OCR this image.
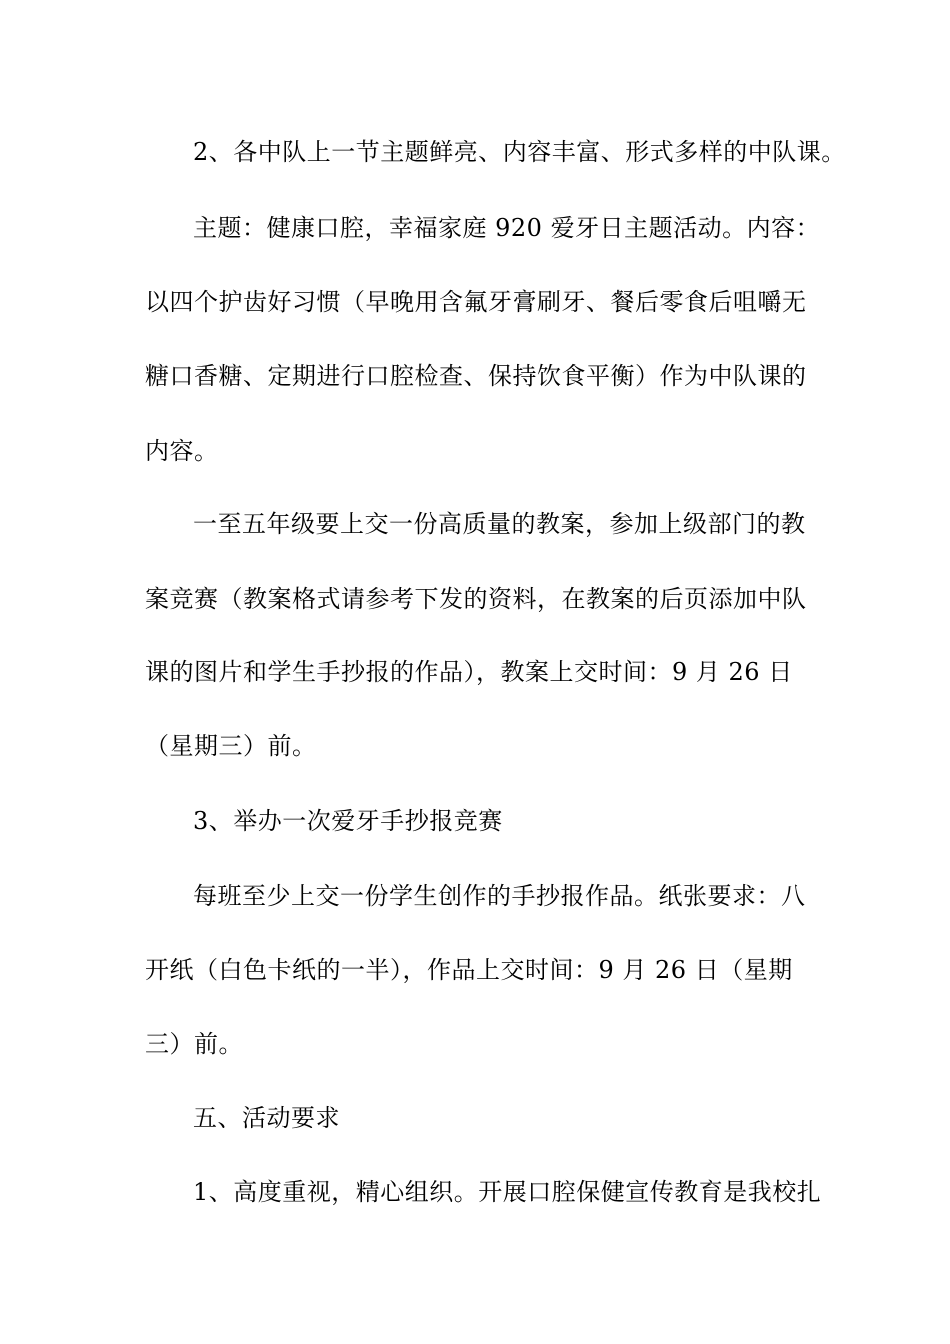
2、各中队上一节主题鲜亮、内容丰富、形式多样的中队课。
主题：健康口腔，幸福家庭 920 爱牙日主题活动。内容：
以四个护齿好习惯（早晚用含氟牙膏刷牙、餐后零食后咀嚼无
糖口香糖、定期进行口腔检查、保持饮食平衡）作为中队课的
内容。
一至五年级要上交一份高质量的教案，参加上级部门的教
案竞赛（教案格式请参考下发的资料，在教案的后页添加中队
课的图片和学生手抄报的作品），教案上交时间：9 月 26 日
（星期三）前。
3、举办一次爱牙手抄报竞赛
每班至少上交一份学生创作的手抄报作品。纸张要求：八
开纸（白色卡纸的一半），作品上交时间：9 月 26 日（星期
三）前。
五、活动要求
1、高度重视，精心组织。开展口腔保健宣传教育是我校扎
